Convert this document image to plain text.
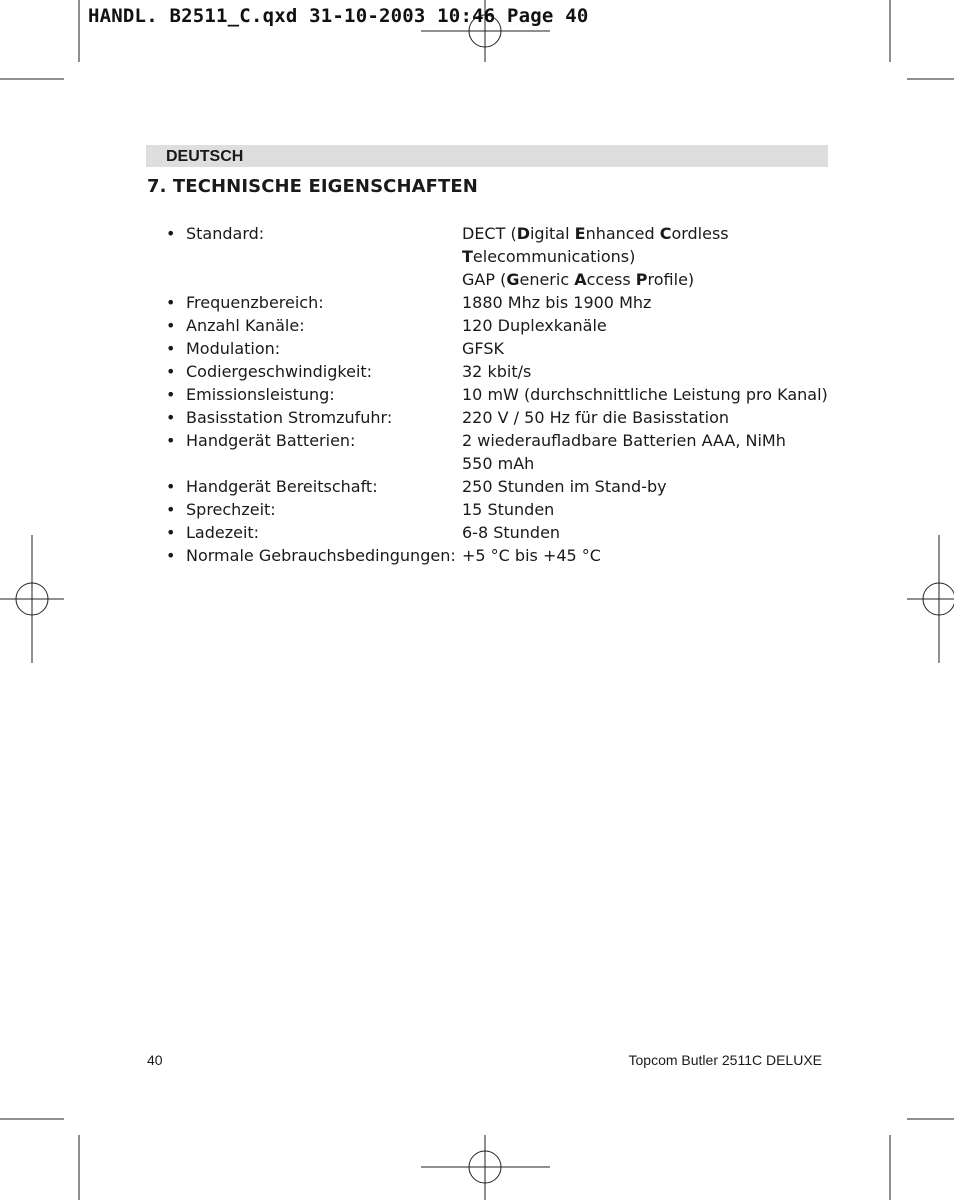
HANDL. B2511_C.qxd 31-10-2003 10:46 Page 40
DEUTSCH
7. TECHNISCHE EIGENSCHAFTEN
• Standard:	DECT (Digital Enhanced Cordless
Telecommunications)
GAP (Generic Access Profile)
• Frequenzbereich:	1880 Mhz bis 1900 Mhz
• Anzahl Kanäle:	120 Duplexkanäle
• Modulation:	GFSK
• Codiergeschwindigkeit:	32 kbit/s
• Emissionsleistung:	10 mW (durchschnittliche Leistung pro Kanal)
• Basisstation Stromzufuhr:	220 V / 50 Hz für die Basisstation
• Handgerät Batterien:	2 wiederaufladbare Batterien AAA, NiMh 550 mAh
• Handgerät Bereitschaft:	250 Stunden im Stand-by
• Sprechzeit:	15 Stunden
• Ladezeit:	6-8 Stunden
• Normale Gebrauchsbedingungen: +5 °C bis +45 °C
40	Topcom Butler 2511C DELUXE
